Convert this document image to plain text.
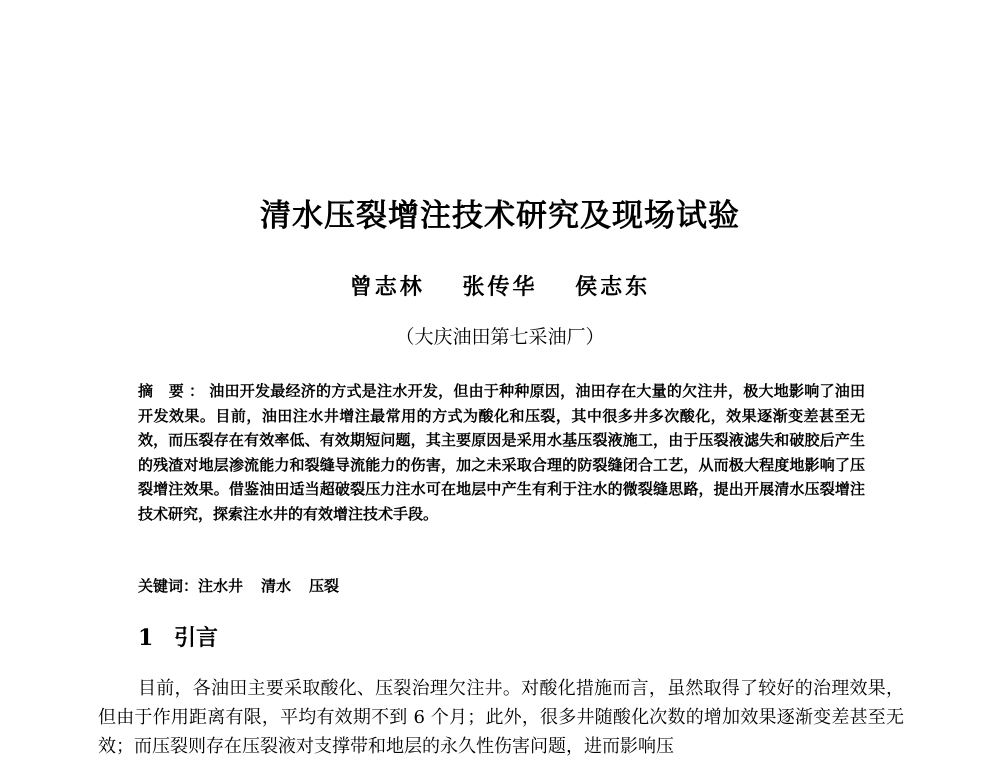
清水压裂增注技术研究及现场试验
曾志林 张传华 侯志东
（大庆油田第七采油厂）
摘 要：油田开发最经济的方式是注水开发，但由于种种原因，油田存在大量的欠注井，极大地影响了油田开发效果。目前，油田注水井增注最常用的方式为酸化和压裂，其中很多井多次酸化，效果逐渐变差甚至无效，而压裂存在有效率低、有效期短问题，其主要原因是采用水基压裂液施工，由于压裂液滤失和破胶后产生的残渣对地层渗流能力和裂缝导流能力的伤害，加之未采取合理的防裂缝闭合工艺，从而极大程度地影响了压裂增注效果。借鉴油田适当超破裂压力注水可在地层中产生有利于注水的微裂缝思路，提出开展清水压裂增注技术研究，探索注水井的有效增注技术手段。
关键词：注水井 清水 压裂
1 引言
目前，各油田主要采取酸化、压裂治理欠注井。对酸化措施而言，虽然取得了较好的治理效果，但由于作用距离有限，平均有效期不到 6 个月；此外，很多井随酸化次数的增加效果逐渐变差甚至无效；而压裂则存在压裂液对支撑带和地层的永久性伤害问题，进而影响压
